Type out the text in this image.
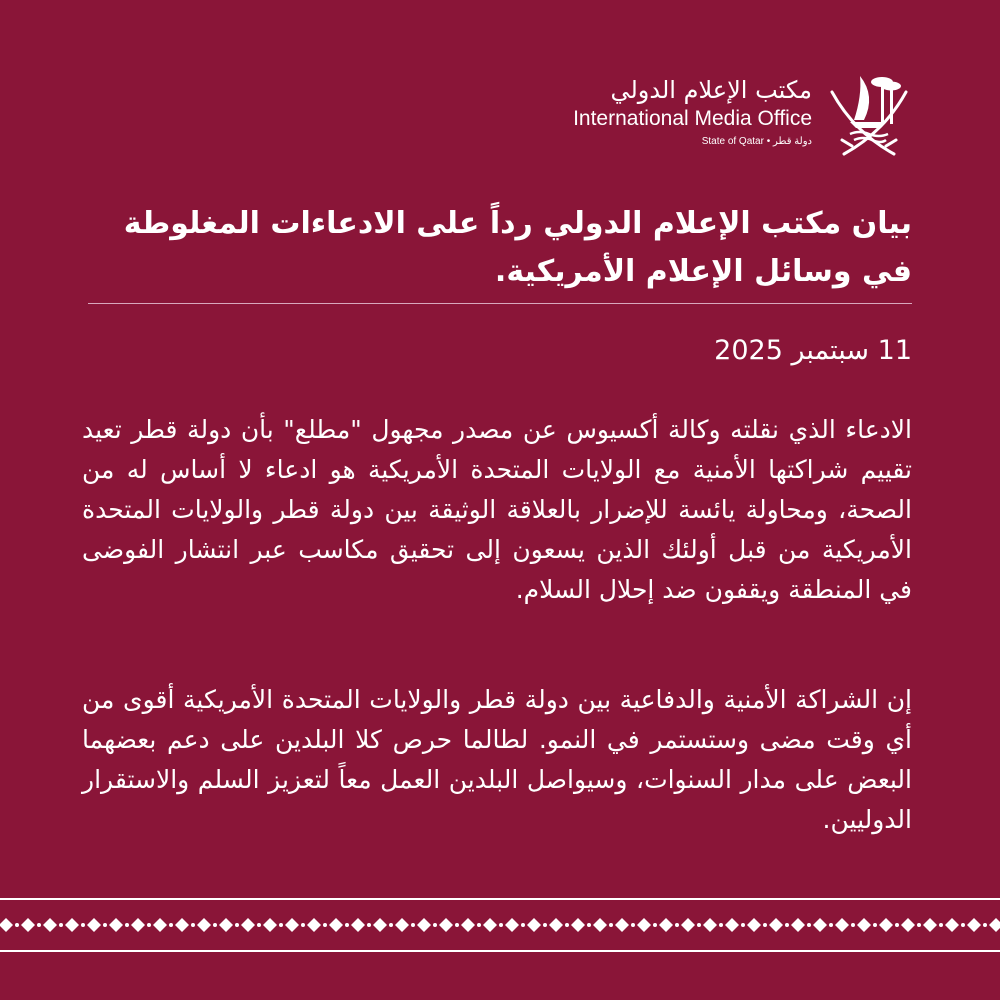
مكتب الإعلام الدولي
International Media Office
State of Qatar • دولة قطر
بيان مكتب الإعلام الدولي رداً على الادعاءات المغلوطة في وسائل الإعلام الأمريكية.
11 سبتمبر 2025

الادعاء الذي نقلته وكالة أكسيوس عن مصدر مجهول "مطلع" بأن دولة قطر تعيد تقييم شراكتها الأمنية مع الولايات المتحدة الأمريكية هو ادعاء لا أساس له من الصحة، ومحاولة يائسة للإضرار بالعلاقة الوثيقة بين دولة قطر والولايات المتحدة الأمريكية من قبل أولئك الذين يسعون إلى تحقيق مكاسب عبر انتشار الفوضى في المنطقة ويقفون ضد إحلال السلام.

إن الشراكة الأمنية والدفاعية بين دولة قطر والولايات المتحدة الأمريكية أقوى من أي وقت مضى وستستمر في النمو. لطالما حرص كلا البلدين على دعم بعضهما البعض على مدار السنوات، وسيواصل البلدين العمل معاً لتعزيز السلم والاستقرار الدوليين.
